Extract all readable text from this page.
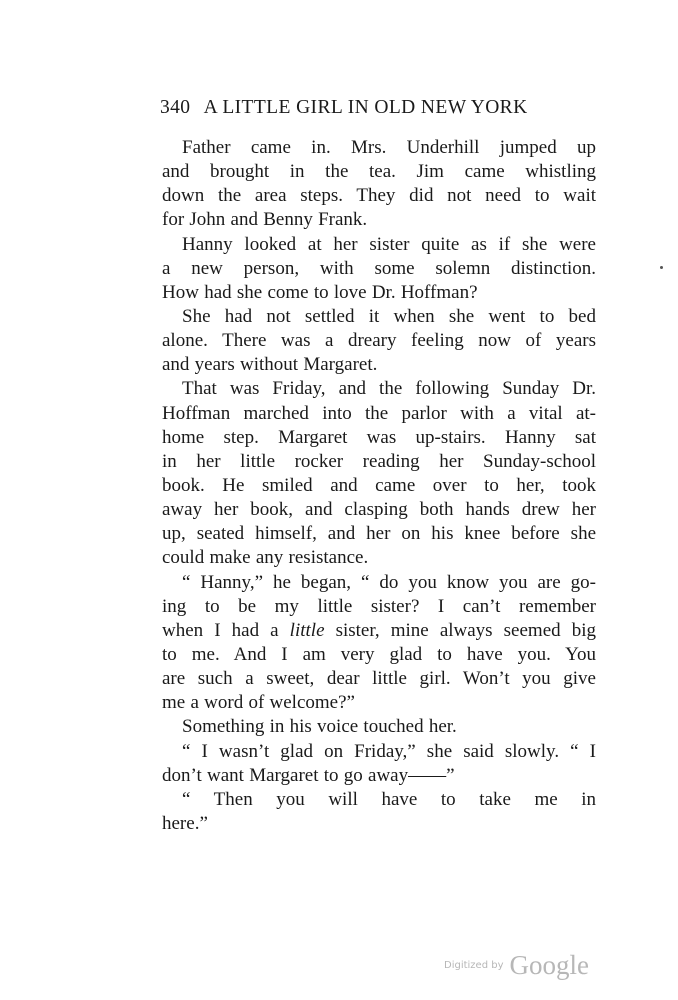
340 A LITTLE GIRL IN OLD NEW YORK
Father came in. Mrs. Underhill jumped up
and brought in the tea. Jim came whistling
down the area steps. They did not need to wait
for John and Benny Frank.
Hanny looked at her sister quite as if she were
a new person, with some solemn distinction.
How had she come to love Dr. Hoffman?
She had not settled it when she went to bed
alone. There was a dreary feeling now of years
and years without Margaret.
That was Friday, and the following Sunday Dr.
Hoffman marched into the parlor with a vital at-
home step. Margaret was up-stairs. Hanny sat
in her little rocker reading her Sunday-school
book. He smiled and came over to her, took
away her book, and clasping both hands drew her
up, seated himself, and her on his knee before she
could make any resistance.
“ Hanny,” he began, “ do you know you are go-
ing to be my little sister? I can’t remember
when I had a little sister, mine always seemed big
to me. And I am very glad to have you. You
are such a sweet, dear little girl. Won’t you give
me a word of welcome?”
Something in his voice touched her.
“ I wasn’t glad on Friday,” she said slowly. “ I
don’t want Margaret to go away——”
“ Then you will have to take me in
here.”
Digitized by Google
